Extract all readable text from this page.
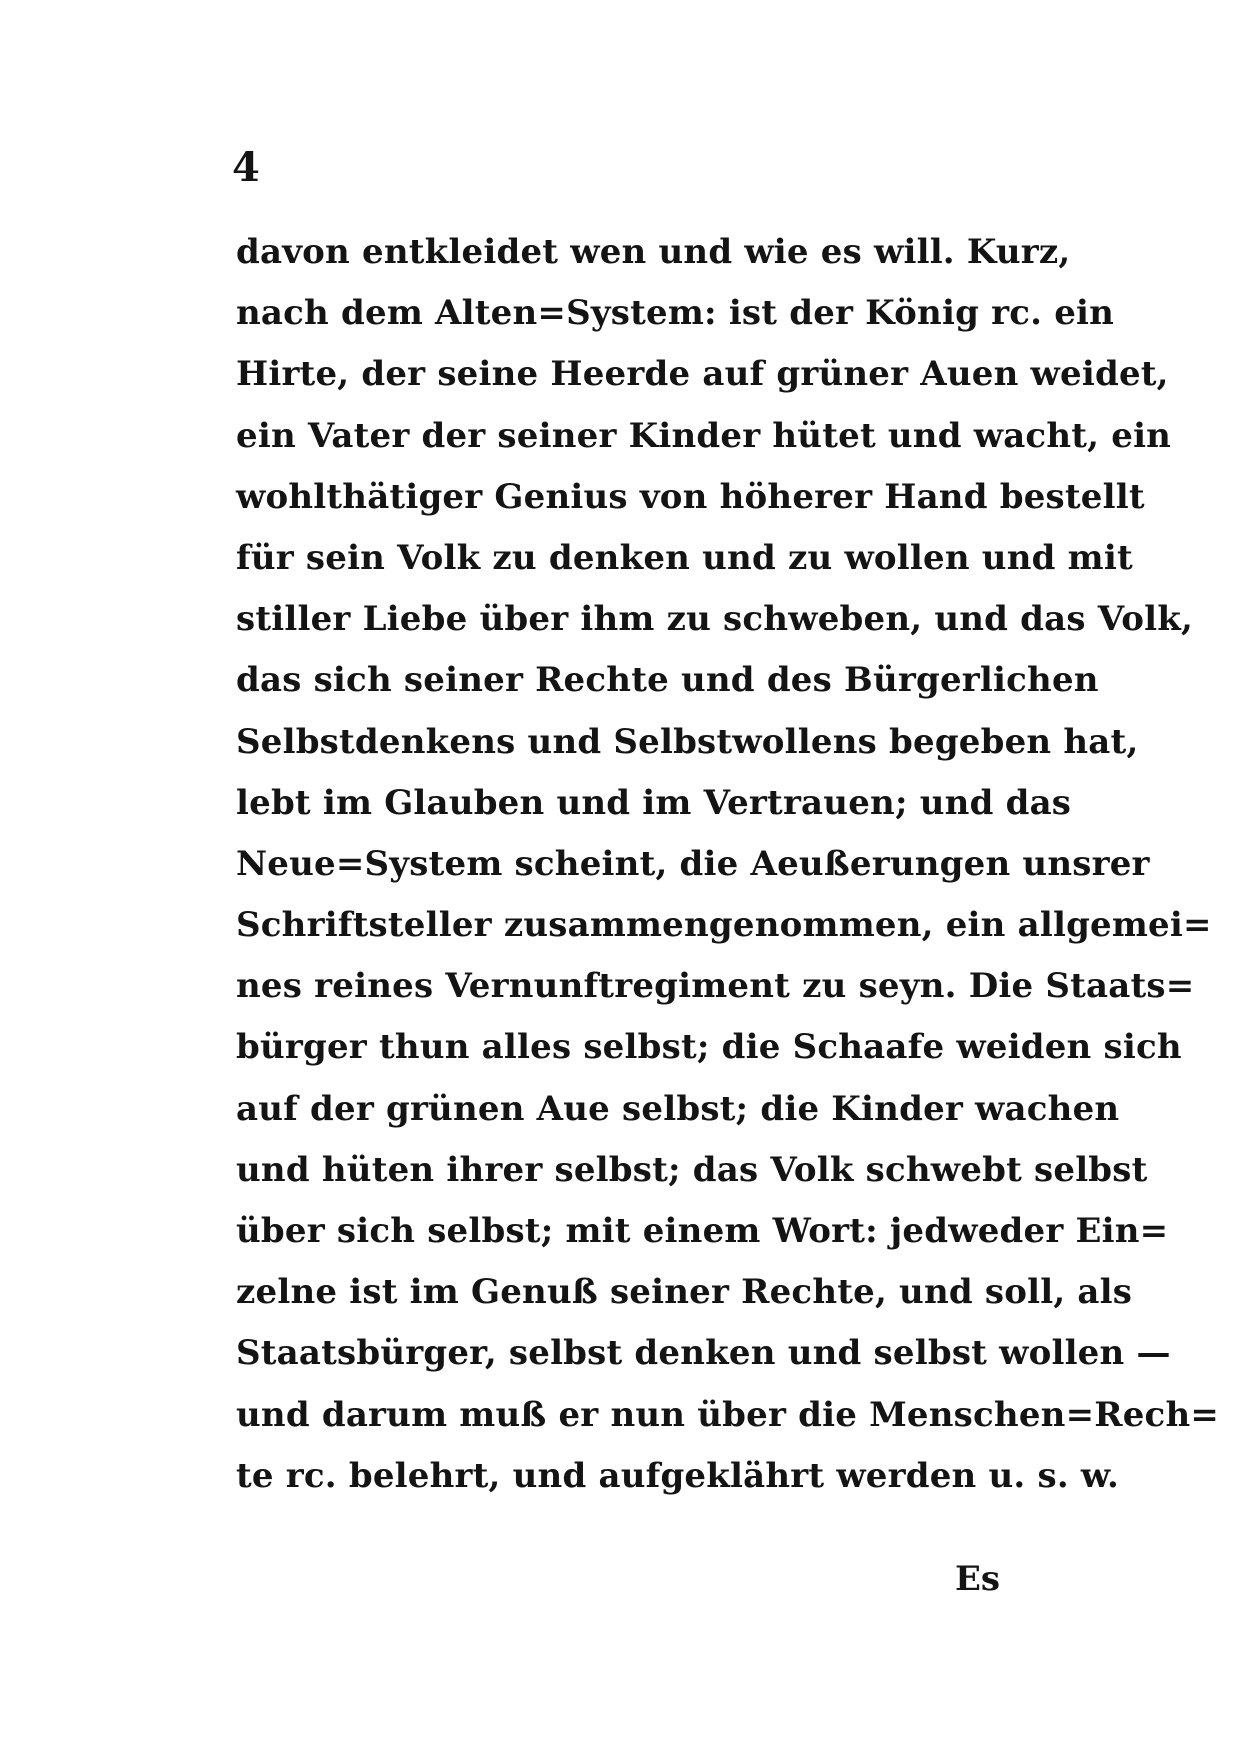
4
davon entkleidet wen und wie es will. Kurz,
nach dem Alten=System: ist der König rc. ein
Hirte, der seine Heerde auf grüner Auen weidet,
ein Vater der seiner Kinder hütet und wacht, ein
wohlthätiger Genius von höherer Hand bestellt
für sein Volk zu denken und zu wollen und mit
stiller Liebe über ihm zu schweben, und das Volk,
das sich seiner Rechte und des Bürgerlichen
Selbstdenkens und Selbstwollens begeben hat,
lebt im Glauben und im Vertrauen; und das
Neue=System scheint, die Aeußerungen unsrer
Schriftsteller zusammengenommen, ein allgemei=
nes reines Vernunftregiment zu seyn. Die Staats=
bürger thun alles selbst; die Schaafe weiden sich
auf der grünen Aue selbst; die Kinder wachen
und hüten ihrer selbst; das Volk schwebt selbst
über sich selbst; mit einem Wort: jedweder Ein=
zelne ist im Genuß seiner Rechte, und soll, als
Staatsbürger, selbst denken und selbst wollen —
und darum muß er nun über die Menschen=Rech=
te rc. belehrt, und aufgeklährt werden u. s. w.
Es
